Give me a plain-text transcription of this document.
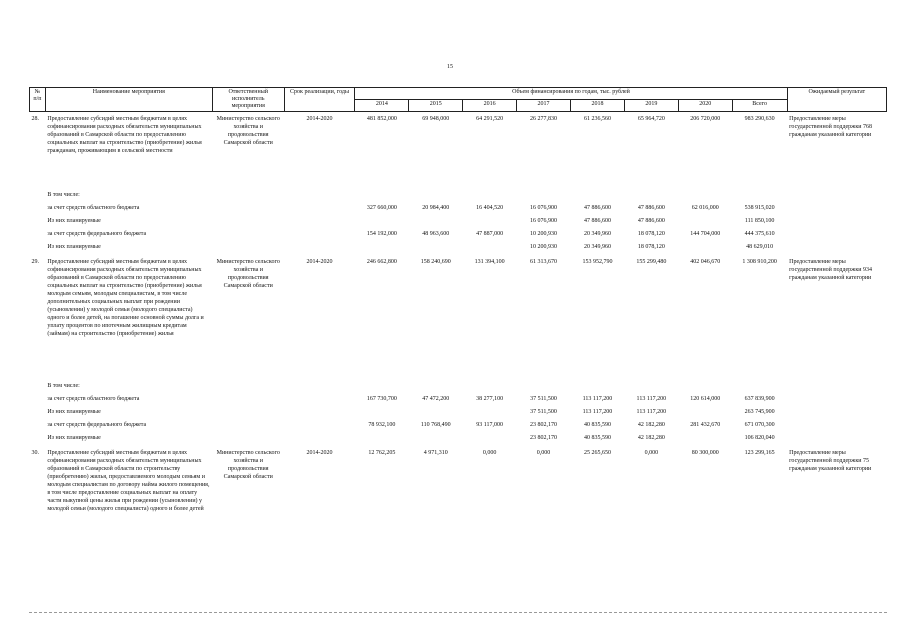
15
№ п/п	Наименование мероприятия	Ответственный исполнитель мероприятия	Срок реализации, годы	Объем финансирования по годам, тыс. рублей								Ожидаемый результат
				2014	2015	2016	2017	2018	2019	2020	Всего	
28.	Предоставление субсидий местным бюджетам в целях софинансирования расходных обязательств муниципальных образований в Самарской области по предоставлению социальных выплат на строительство (приобретение) жилья гражданам, проживающим в сельской местности	Министерство сельского хозяйства и продовольствия Самарской области	2014-2020	481 852,000	69 948,000	64 291,520	26 277,830	61 236,560	65 964,720	206 720,000	983 290,630	Предоставление меры государственной поддержки 768 гражданам указанной категории
	В том числе:											
	за счет средств областного бюджета			327 660,000	20 984,400	16 404,520	16 076,900	47 886,600	47 886,600	62 016,000	538 915,020	
	Из них планируемые						16 076,900	47 886,600	47 886,600		111 850,100	
	за счет средств федерального бюджета			154 192,000	48 963,600	47 887,000	10 200,930	20 349,960	18 078,120	144 704,000	444 375,610	
	Из них планируемые						10 200,930	20 349,960	18 078,120		48 629,010	
29.	Предоставление субсидий местным бюджетам в целях софинансирования расходных обязательств муниципальных образований в Самарской области по предоставлению социальных выплат на строительство (приобретение) жилья молодым семьям, молодым специалистам, в том числе дополнительных социальных выплат при рождении (усыновлении) у молодой семьи (молодого специалиста) одного и более детей, на погашение основной суммы долга и уплату процентов по ипотечным жилищным кредитам (займам) на строительство (приобретение) жилья	Министерство сельского хозяйства и продовольствия Самарской области	2014-2020	246 662,800	158 240,690	131 394,100	61 313,670	153 952,790	155 299,480	402 046,670	1 308 910,200	Предоставление меры государственной поддержки 934 гражданам указанной категории
	В том числе:											
	за счет средств областного бюджета			167 730,700	47 472,200	38 277,100	37 511,500	113 117,200	113 117,200	120 614,000	637 839,900	
	Из них планируемые						37 511,500	113 117,200	113 117,200		263 745,900	
	за счет средств федерального бюджета			78 932,100	110 768,490	93 117,000	23 802,170	40 835,590	42 182,280	281 432,670	671 070,300	
	Из них планируемые						23 802,170	40 835,590	42 182,280		106 820,040	
30.	Предоставление субсидий местным бюджетам в целях софинансирования расходных обязательств муниципальных образований в Самарской области по строительству (приобретению) жилья, предоставляемого молодым семьям и молодым специалистам по договору найма жилого помещения, в том числе предоставление социальных выплат на оплату части выкупной цены жилья при рождении (усыновлении) у молодой семьи (молодого специалиста) одного и более детей	Министерство сельского хозяйства и продовольствия Самарской области	2014-2020	12 762,205	4 971,310	0,000	0,000	25 265,650	0,000	80 300,000	123 299,165	Предоставление меры государственной поддержки 75 гражданам указанной категории
